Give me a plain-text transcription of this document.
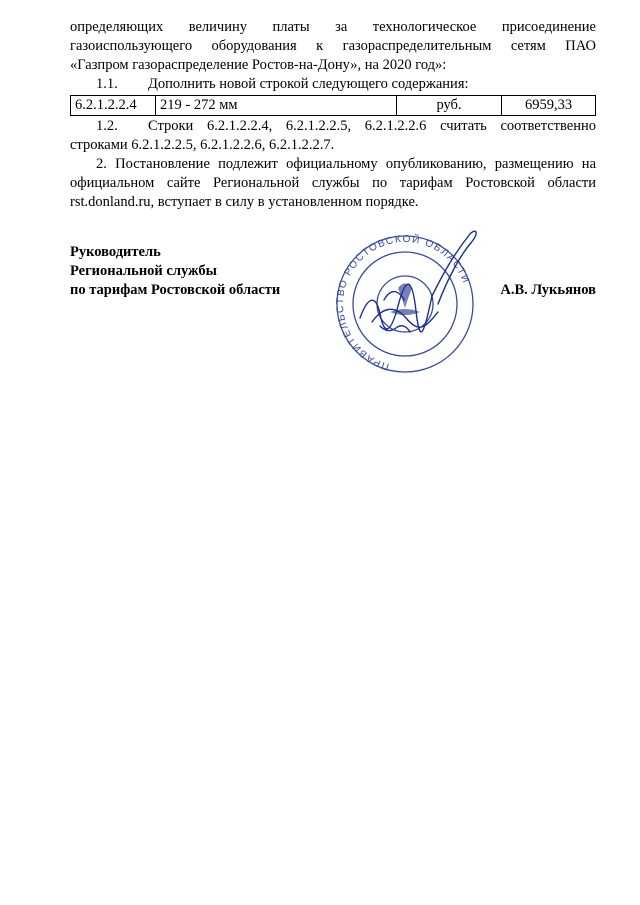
определяющих величину платы за технологическое присоединение
газоиспользующего оборудования к газораспределительным сетям ПАО
«Газпром газораспределение Ростов-на-Дону», на 2020 год»:
1.1.	Дополнить новой строкой следующего содержания:
6.2.1.2.2.4	219 - 272 мм	руб.	6959,33
1.2.	Строки 6.2.1.2.2.4, 6.2.1.2.2.5, 6.2.1.2.2.6 считать соответственно
строками 6.2.1.2.2.5, 6.2.1.2.2.6, 6.2.1.2.2.7.
2. Постановление подлежит официальному опубликованию, размещению на
официальном сайте Региональной службы по тарифам Ростовской области
rst.donland.ru, вступает в силу в установленном порядке.
ПРАВИТЕЛЬСТВО РОСТОВСКОЙ ОБЛАСТИ
Руководитель
Региональной службы
по тарифам Ростовской области	А.В. Лукьянов
